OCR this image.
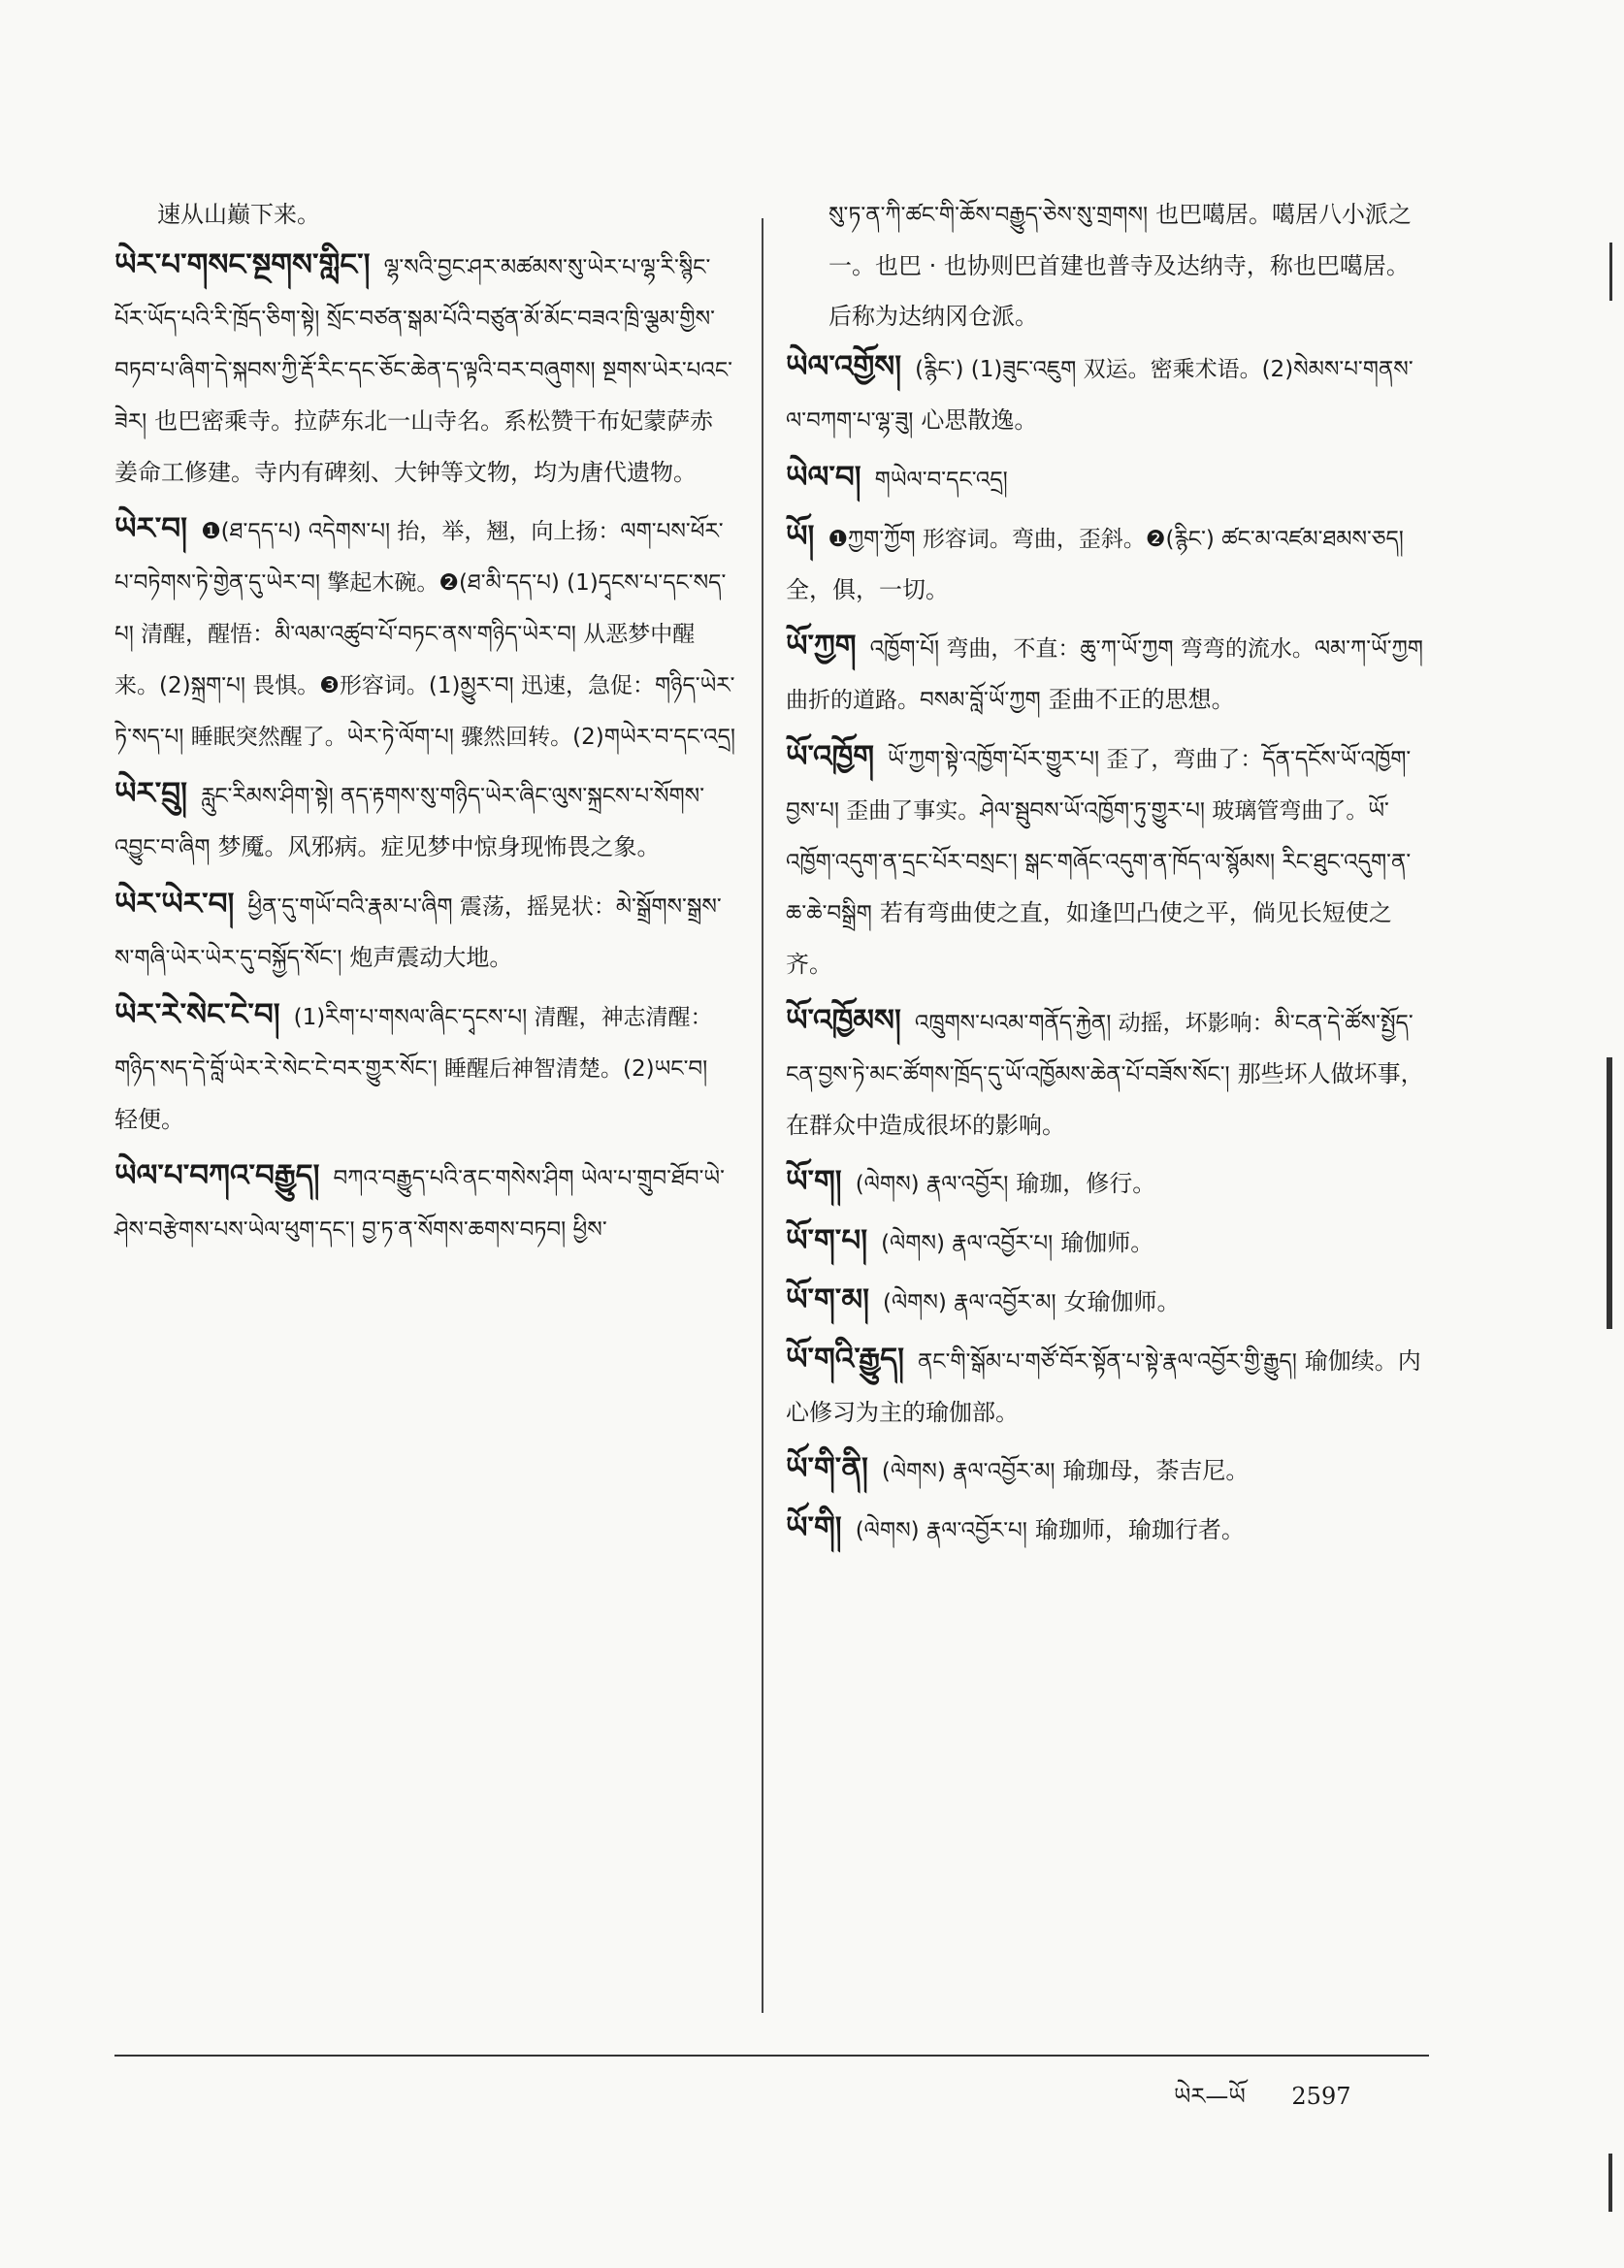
速从山巅下来。
ཡེར་པ་གསང་སྔགས་གླིང་། ལྷ་སའི་བྱང་ཤར་མཚམས་སུ་ཡེར་པ་ལྷ་རི་སྙིང་པོར་ཡོད་པའི་རི་ཁྲོད་ཅིག་སྟེ། སྲོང་བཙན་སྒམ་པོའི་བཙུན་མོ་མོང་བཟའ་ཁྲི་ལྕམ་གྱིས་བཏབ་པ་ཞིག་དེ་སྐབས་ཀྱི་རྡོ་རིང་དང་ཅོང་ཆེན་ད་ལྟའི་བར་བཞུགས། སྔགས་ཡེར་པའང་ཟེར། 也巴密乘寺。拉萨东北一山寺名。系松赞干布妃蒙萨赤姜命工修建。寺内有碑刻、大钟等文物，均为唐代遗物。
ཡེར་བ། ❶(ཐ་དད་པ) འདེགས་པ། 抬，举，翘，向上扬：ལག་པས་ཕོར་པ་བཏེགས་ཏེ་གྱེན་དུ་ཡེར་བ། 擎起木碗。❷(ཐ་མི་དད་པ) (1)དྭངས་པ་དང་སད་པ། 清醒，醒悟：མི་ལམ་འཚུབ་པོ་བཏང་ནས་གཉིད་ཡེར་བ། 从恶梦中醒来。(2)སྐྲག་པ། 畏惧。❸形容词。(1)མྱུར་བ། 迅速，急促：གཉིད་ཡེར་ཏེ་སད་པ། 睡眠突然醒了。ཡེར་ཏེ་ལོག་པ། 骤然回转。(2)གཡེར་བ་དང་འདྲ།
ཡེར་བྲུ། རླུང་རིམས་ཤིག་སྟེ། ནད་རྟགས་སུ་གཉིད་ཡེར་ཞིང་ལུས་སྐྲངས་པ་སོགས་འབྱུང་བ་ཞིག 梦魇。风邪病。症见梦中惊身现怖畏之象。
ཡེར་ཡེར་བ། ཕྱིན་དུ་གཡོ་བའི་རྣམ་པ་ཞིག 震荡，摇晃状：མེ་སྒྲོགས་སྒྲས་ས་གཞི་ཡེར་ཡེར་དུ་བསྐྱོད་སོང་། 炮声震动大地。
ཡེར་རེ་སེང་ངེ་བ། (1)རིག་པ་གསལ་ཞིང་དྭངས་པ། 清醒，神志清醒：གཉིད་སད་དེ་བློ་ཡེར་རེ་སེང་ངེ་བར་གྱུར་སོང་། 睡醒后神智清楚。(2)ཡང་བ། 轻便。
ཡེལ་པ་བཀའ་བརྒྱུད། བཀའ་བརྒྱུད་པའི་ནང་གསེས་ཤིག ཡེལ་པ་གྲུབ་ཐོབ་ཡེ་ཤེས་བརྩེགས་པས་ཡེལ་ཕུག་དང་། བྱ་ཏ་ན་སོགས་ཆགས་བཏབ། ཕྱིས་
སུ་ཏ་ན་ཀི་ཚང་གི་ཆོས་བརྒྱུད་ཅེས་སུ་གྲགས། 也巴噶居。噶居八小派之一。也巴 · 也协则巴首建也普寺及达纳寺，称也巴噶居。后称为达纳冈仓派。
ཡེལ་འགྱོས། (རྙིང་) (1)ཟུང་འཇུག 双运。密乘术语。(2)སེམས་པ་གནས་ལ་བཀག་པ་ལྷ་ཟུ། 心思散逸。
ཡེལ་བ། གཡེལ་བ་དང་འདྲ།
ཡོ། ❶ཀྱག་ཀྱོག 形容词。弯曲，歪斜。❷(རྙིང་) ཚང་མ་འཛམ་ཐམས་ཅད། 全，俱，一切。
ཡོ་ཀྱག འཁྱོག་པོ། 弯曲，不直：ཆུ་ཀ་ཡོ་ཀྱག 弯弯的流水。ལམ་ཀ་ཡོ་ཀྱག 曲折的道路。བསམ་བློ་ཡོ་ཀྱག 歪曲不正的思想。
ཡོ་འཁྱོག ཡོ་ཀྱག་སྟེ་འཁྱོག་པོར་གྱུར་པ། 歪了，弯曲了：དོན་དངོས་ཡོ་འཁྱོག་བྱས་པ། 歪曲了事实。ཤེལ་སྦུབས་ཡོ་འཁྱོག་ཏུ་གྱུར་པ། 玻璃管弯曲了。ཡོ་འཁྱོག་འདུག་ན་དྲང་པོར་བསྲང་། སྒང་གཞོང་འདུག་ན་ཁོད་ལ་སྙོམས། རིང་ཐུང་འདུག་ན་ཆ་ཆེ་བསྒྲིག 若有弯曲使之直，如逢凹凸使之平，倘见长短使之齐。
ཡོ་འཁྱོམས། འཁྲུགས་པའམ་གནོད་རྐྱེན། 动摇，坏影响：མི་ངན་དེ་ཚོས་སྤྱོད་ངན་བྱས་ཏེ་མང་ཚོགས་ཁྲོད་དུ་ཡོ་འཁྱོམས་ཆེན་པོ་བཟོས་སོང་། 那些坏人做坏事，在群众中造成很坏的影响。
ཡོ་ག། (ལེགས) རྣལ་འབྱོར། 瑜珈，修行。
ཡོ་ག་པ། (ལེགས) རྣལ་འབྱོར་པ། 瑜伽师。
ཡོ་ག་མ། (ལེགས) རྣལ་འབྱོར་མ། 女瑜伽师。
ཡོ་གའི་རྒྱུད། ནང་གི་སྒོམ་པ་གཙོ་བོར་སྟོན་པ་སྟེ་རྣལ་འབྱོར་གྱི་རྒྱུད། 瑜伽续。内心修习为主的瑜伽部。
ཡོ་གི་ནི། (ལེགས) རྣལ་འབྱོར་མ། 瑜珈母，荼吉尼。
ཡོ་གི། (ལེགས) རྣལ་འབྱོར་པ། 瑜珈师，瑜珈行者。
ཡེར—ཡོ 2597
